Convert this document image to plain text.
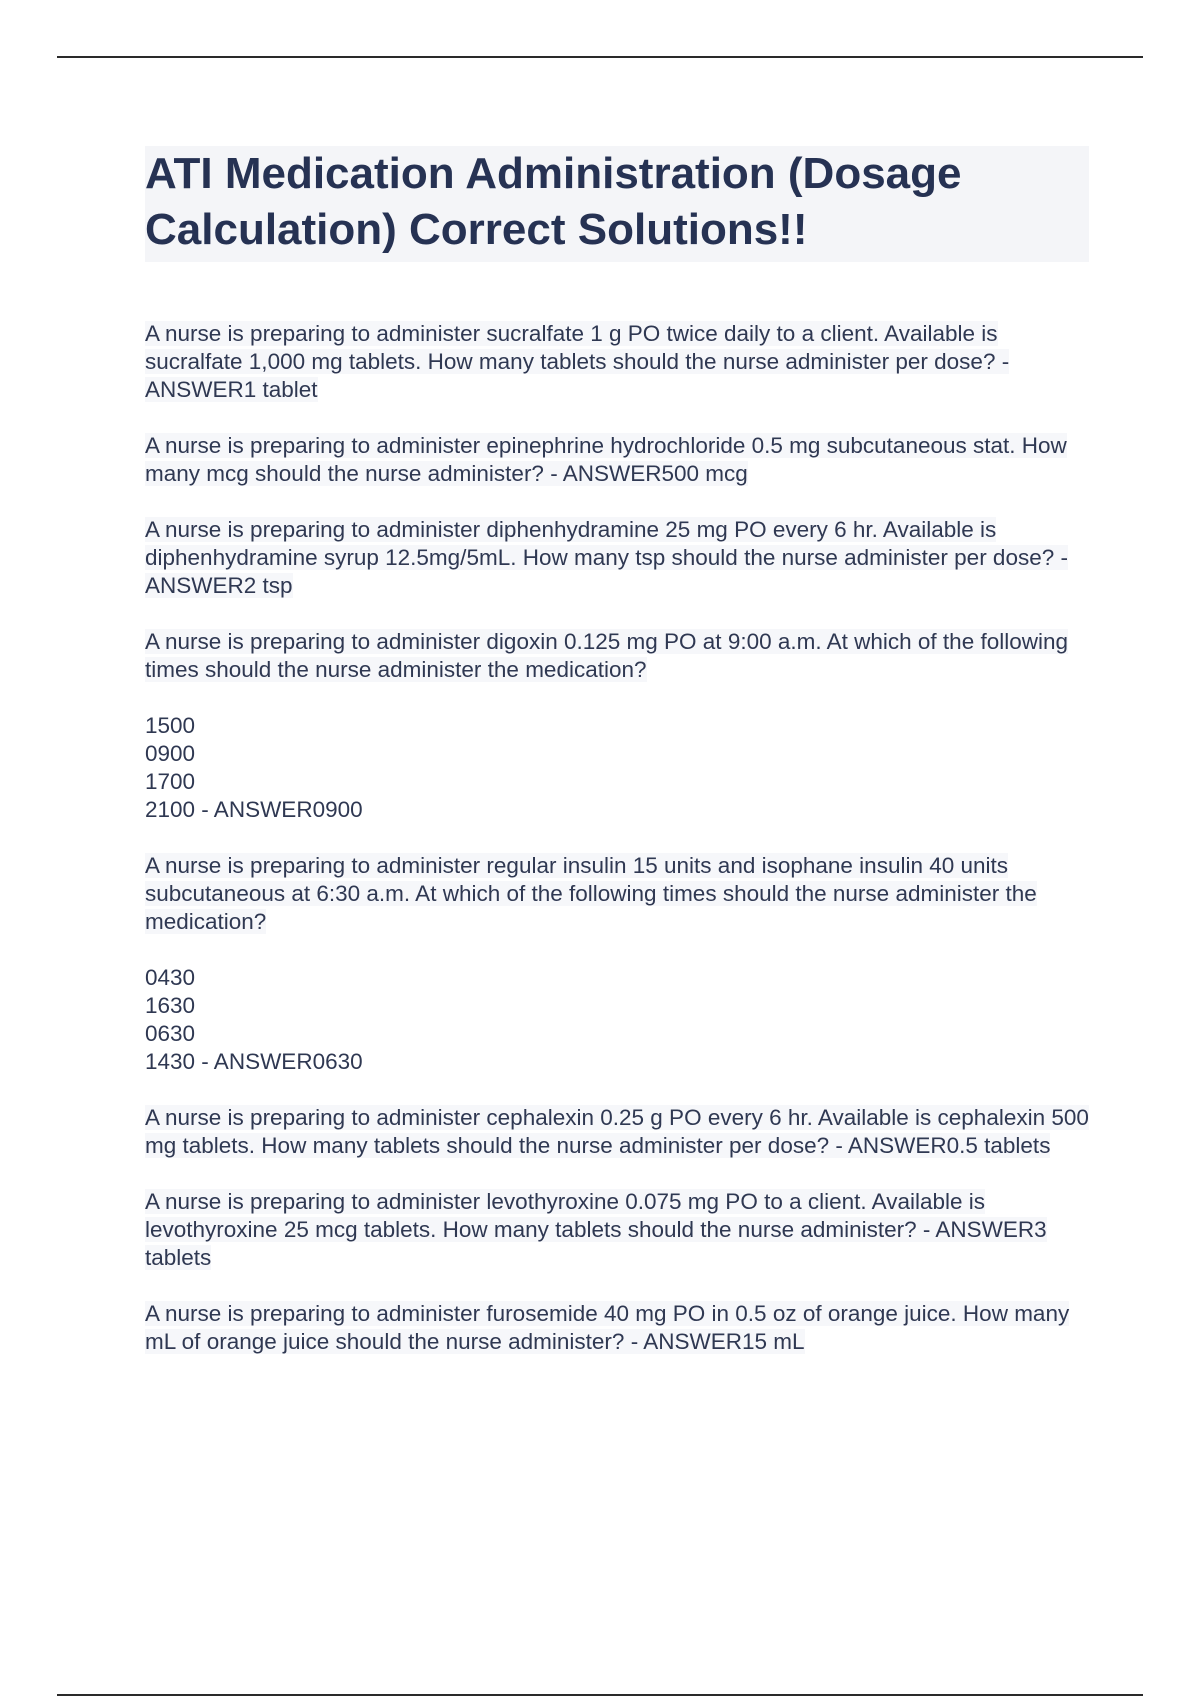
ATI Medication Administration (Dosage Calculation) Correct Solutions!!
A nurse is preparing to administer sucralfate 1 g PO twice daily to a client. Available is sucralfate 1,000 mg tablets. How many tablets should the nurse administer per dose? - ANSWER1 tablet
A nurse is preparing to administer epinephrine hydrochloride 0.5 mg subcutaneous stat. How many mcg should the nurse administer? - ANSWER500 mcg
A nurse is preparing to administer diphenhydramine 25 mg PO every 6 hr. Available is diphenhydramine syrup 12.5mg/5mL. How many tsp should the nurse administer per dose? - ANSWER2 tsp
A nurse is preparing to administer digoxin 0.125 mg PO at 9:00 a.m. At which of the following times should the nurse administer the medication?
1500
0900
1700
2100 - ANSWER0900
A nurse is preparing to administer regular insulin 15 units and isophane insulin 40 units subcutaneous at 6:30 a.m. At which of the following times should the nurse administer the medication?
0430
1630
0630
1430 - ANSWER0630
A nurse is preparing to administer cephalexin 0.25 g PO every 6 hr. Available is cephalexin 500 mg tablets. How many tablets should the nurse administer per dose? - ANSWER0.5 tablets
A nurse is preparing to administer levothyroxine 0.075 mg PO to a client. Available is levothyroxine 25 mcg tablets. How many tablets should the nurse administer? - ANSWER3 tablets
A nurse is preparing to administer furosemide 40 mg PO in 0.5 oz of orange juice. How many mL of orange juice should the nurse administer? - ANSWER15 mL
